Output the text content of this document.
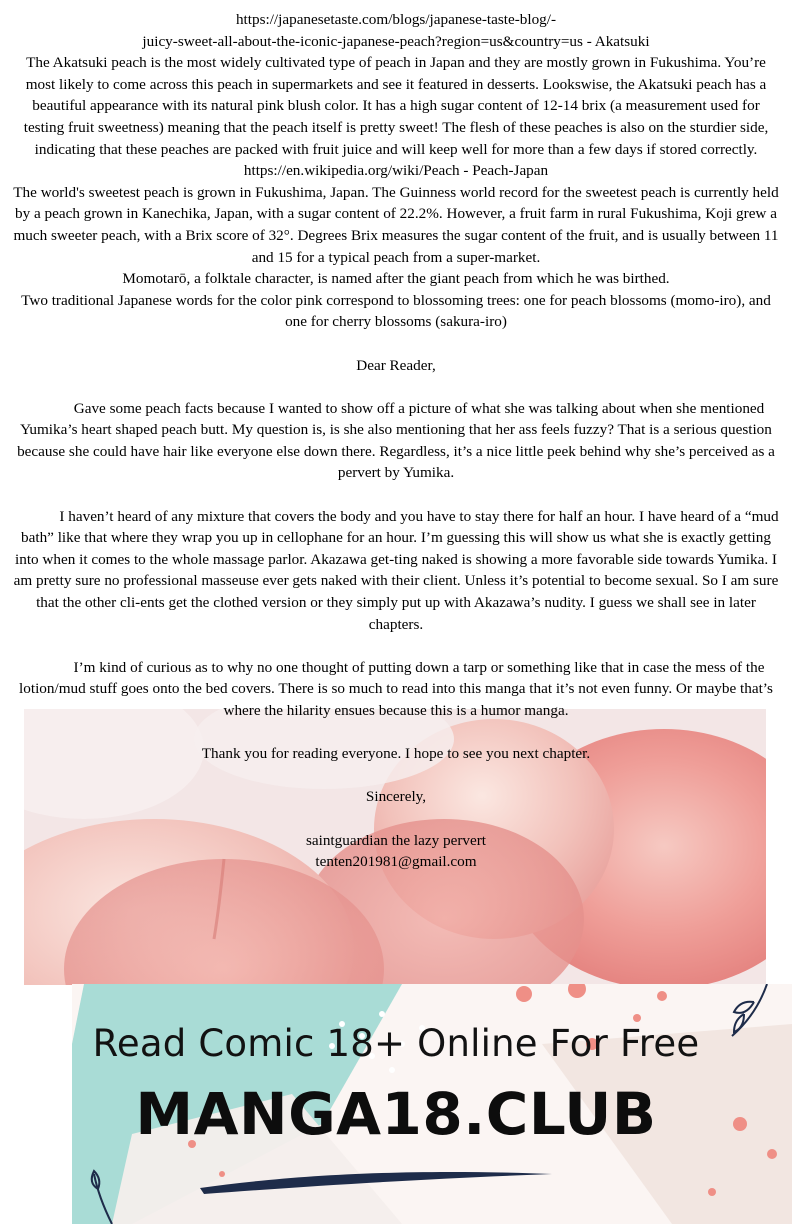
https://japanesetaste.com/blogs/japanese-taste-blog/-

juicy-sweet-all-about-the-iconic-japanese-peach?region=us&country=us - Akatsuki

The Akatsuki peach is the most widely cultivated type of peach in Japan and they are mostly grown in Fukushima. You’re most likely to come across this peach in supermarkets and see it featured in desserts. Lookswise, the Akatsuki peach has a beautiful appearance with its natural pink blush color. It has a high sugar content of 12-14 brix (a measurement used for testing fruit sweetness) meaning that the peach itself is pretty sweet! The flesh of these peaches is also on the sturdier side, indicating that these peaches are packed with fruit juice and will keep well for more than a few days if stored correctly.

https://en.wikipedia.org/wiki/Peach - Peach-Japan

The world's sweetest peach is grown in Fukushima, Japan. The Guinness world record for the sweetest peach is currently held by a peach grown in Kanechika, Japan, with a sugar content of 22.2%. However, a fruit farm in rural Fukushima, Koji grew a much sweeter peach, with a Brix score of 32°. Degrees Brix measures the sugar content of the fruit, and is usually between 11 and 15 for a typical peach from a super-market.

Momotarō, a folktale character, is named after the giant peach from which he was birthed.

Two traditional Japanese words for the color pink correspond to blossoming trees: one for peach blossoms (momo-iro), and one for cherry blossoms (sakura-iro)

Dear Reader,

Gave some peach facts because I wanted to show off a picture of what she was talking about when she mentioned Yumika’s heart shaped peach butt. My question is, is she also mentioning that her ass feels fuzzy? That is a serious question because she could have hair like everyone else down there. Regardless, it’s a nice little peek behind why she’s perceived as a pervert by Yumika.

I haven’t heard of any mixture that covers the body and you have to stay there for half an hour. I have heard of a “mud bath” like that where they wrap you up in cellophane for an hour. I’m guessing this will show us what she is exactly getting into when it comes to the whole massage parlor. Akazawa get-ting naked is showing a more favorable side towards Yumika. I am pretty sure no professional masseuse ever gets naked with their client. Unless it’s potential to become sexual. So I am sure that the other cli-ents get the clothed version or they simply put up with Akazawa’s nudity. I guess we shall see in later chapters.

I’m kind of curious as to why no one thought of putting down a tarp or something like that in case the mess of the lotion/mud stuff goes onto the bed covers. There is so much to read into this manga that it’s not even funny. Or maybe that’s where the hilarity ensues because this is a humor manga.

Thank you for reading everyone. I hope to see you next chapter.

Sincerely,

saintguardian the lazy pervert

tenten201981@gmail.com

Read Comic 18+ Online For Free
MANGA18.CLUB
